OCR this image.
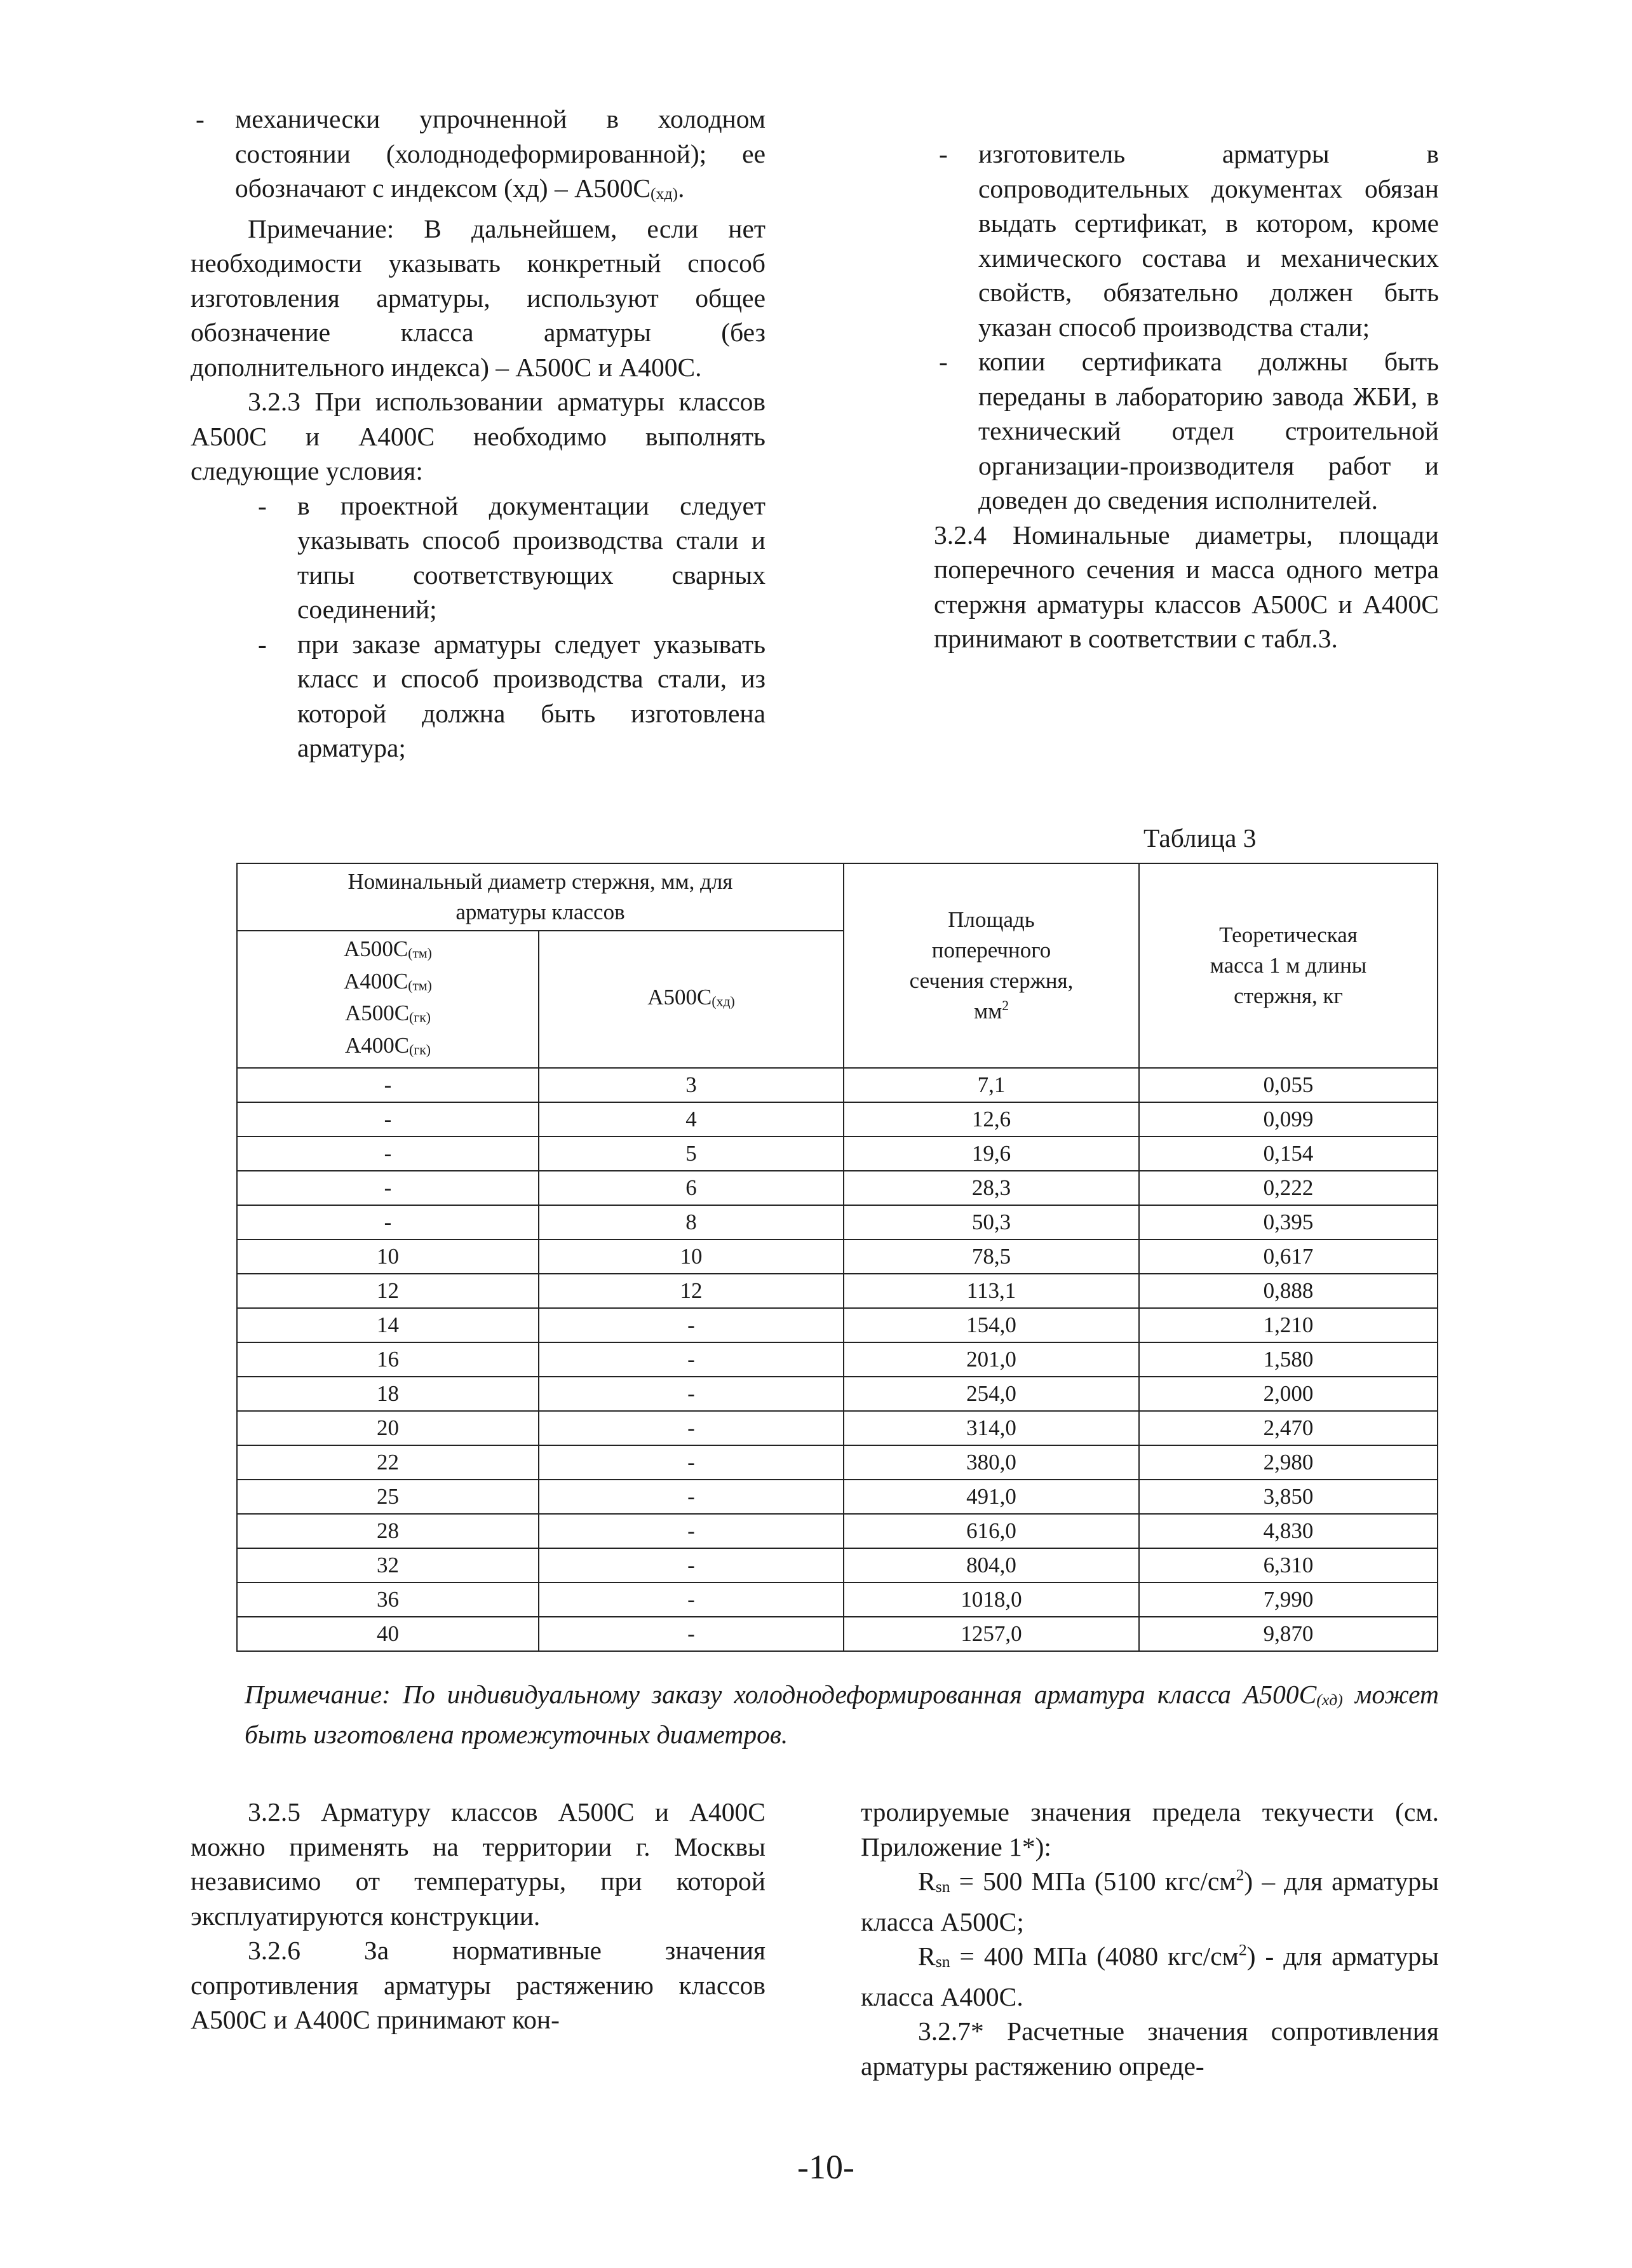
- механически упрочненной в холодном состоянии (холоднодеформированной); ее обозначают с индексом $(хд) - А500С_{(хд)}$.

Примечание: В дальнейшем, если нет необходимости указывать конкретный способ изготовления арматуры, используют общее обозначение класса арматуры (без дополнительного индекса) – А500С и А400С.

3.2.3 При использовании арматуры классов А500С и А400С необходимо выполнять следующие условия:

- в проектной документации следует указывать способ производства стали и типы соответствующих сварных соединений;

- при заказе арматуры следует указывать класс и способ производства стали, из которой должна быть изготовлена арматура;

- изготовитель арматуры в сопроводительных документах обязан выдать сертификат, в котором, кроме химического состава и механических свойств, обязательно должен быть указан способ производства стали;

- копии сертификата должны быть переданы в лабораторию завода ЖБИ, в технический отдел строительной организации-производителя работ и доведен до сведения исполнителей.

3.2.4 Номинальные диаметры, площади поперечного сечения и масса одного метра стержня арматуры классов А500С и А400С принимают в соответствии с табл.3.

Таблица 3
Номинальный диаметр стержня, мм, для арматуры классов		Площадь поперечного сечения стержня, $мм^2$	Теоретическая масса 1 м длины стержня, кг

$А500С_{(тм)}$
$А400С_{(тм)}$
$А500С_{(гк)}$
$А400С_{(гк)}$	$А500С_{(хд)}$
-	3	7,1	0,055
-	4	12,6	0,099
-	5	19,6	0,154
-	6	28,3	0,222
-	8	50,3	0,395
10	10	78,5	0,617
12	12	113,1	0,888
14	-	154,0	1,210
16	-	201,0	1,580
18	-	254,0	2,000
20	-	314,0	2,470
22	-	380,0	2,980
25	-	491,0	3,850
28	-	616,0	4,830
32	-	804,0	6,310
36	-	1018,0	7,990
40	-	1257,0	9,870
Примечание: По индивидуальному заказу холоднодеформированная арматура класса $А500С_{(хд)}$ может быть изготовлена промежуточных диаметров.

3.2.5 Арматуру классов А500С и А400С можно применять на территории г. Москвы независимо от температуры, при которой эксплуатируются конструкции.

3.2.6 За нормативные значения сопротивления арматуры растяжению классов А500С и А400С принимают кон-

тролируемые значения предела текучести (см. Приложение 1*):

$R_{sn} = 500$ МПа (5100 кгс/$см^2$) – для арматуры класса А500С;

$R_{sn} = 400$ МПа (4080 кгс/$см^2$) - для арматуры класса А400С.

3.2.7* Расчетные значения сопротивления арматуры растяжению опреде-

-10-
